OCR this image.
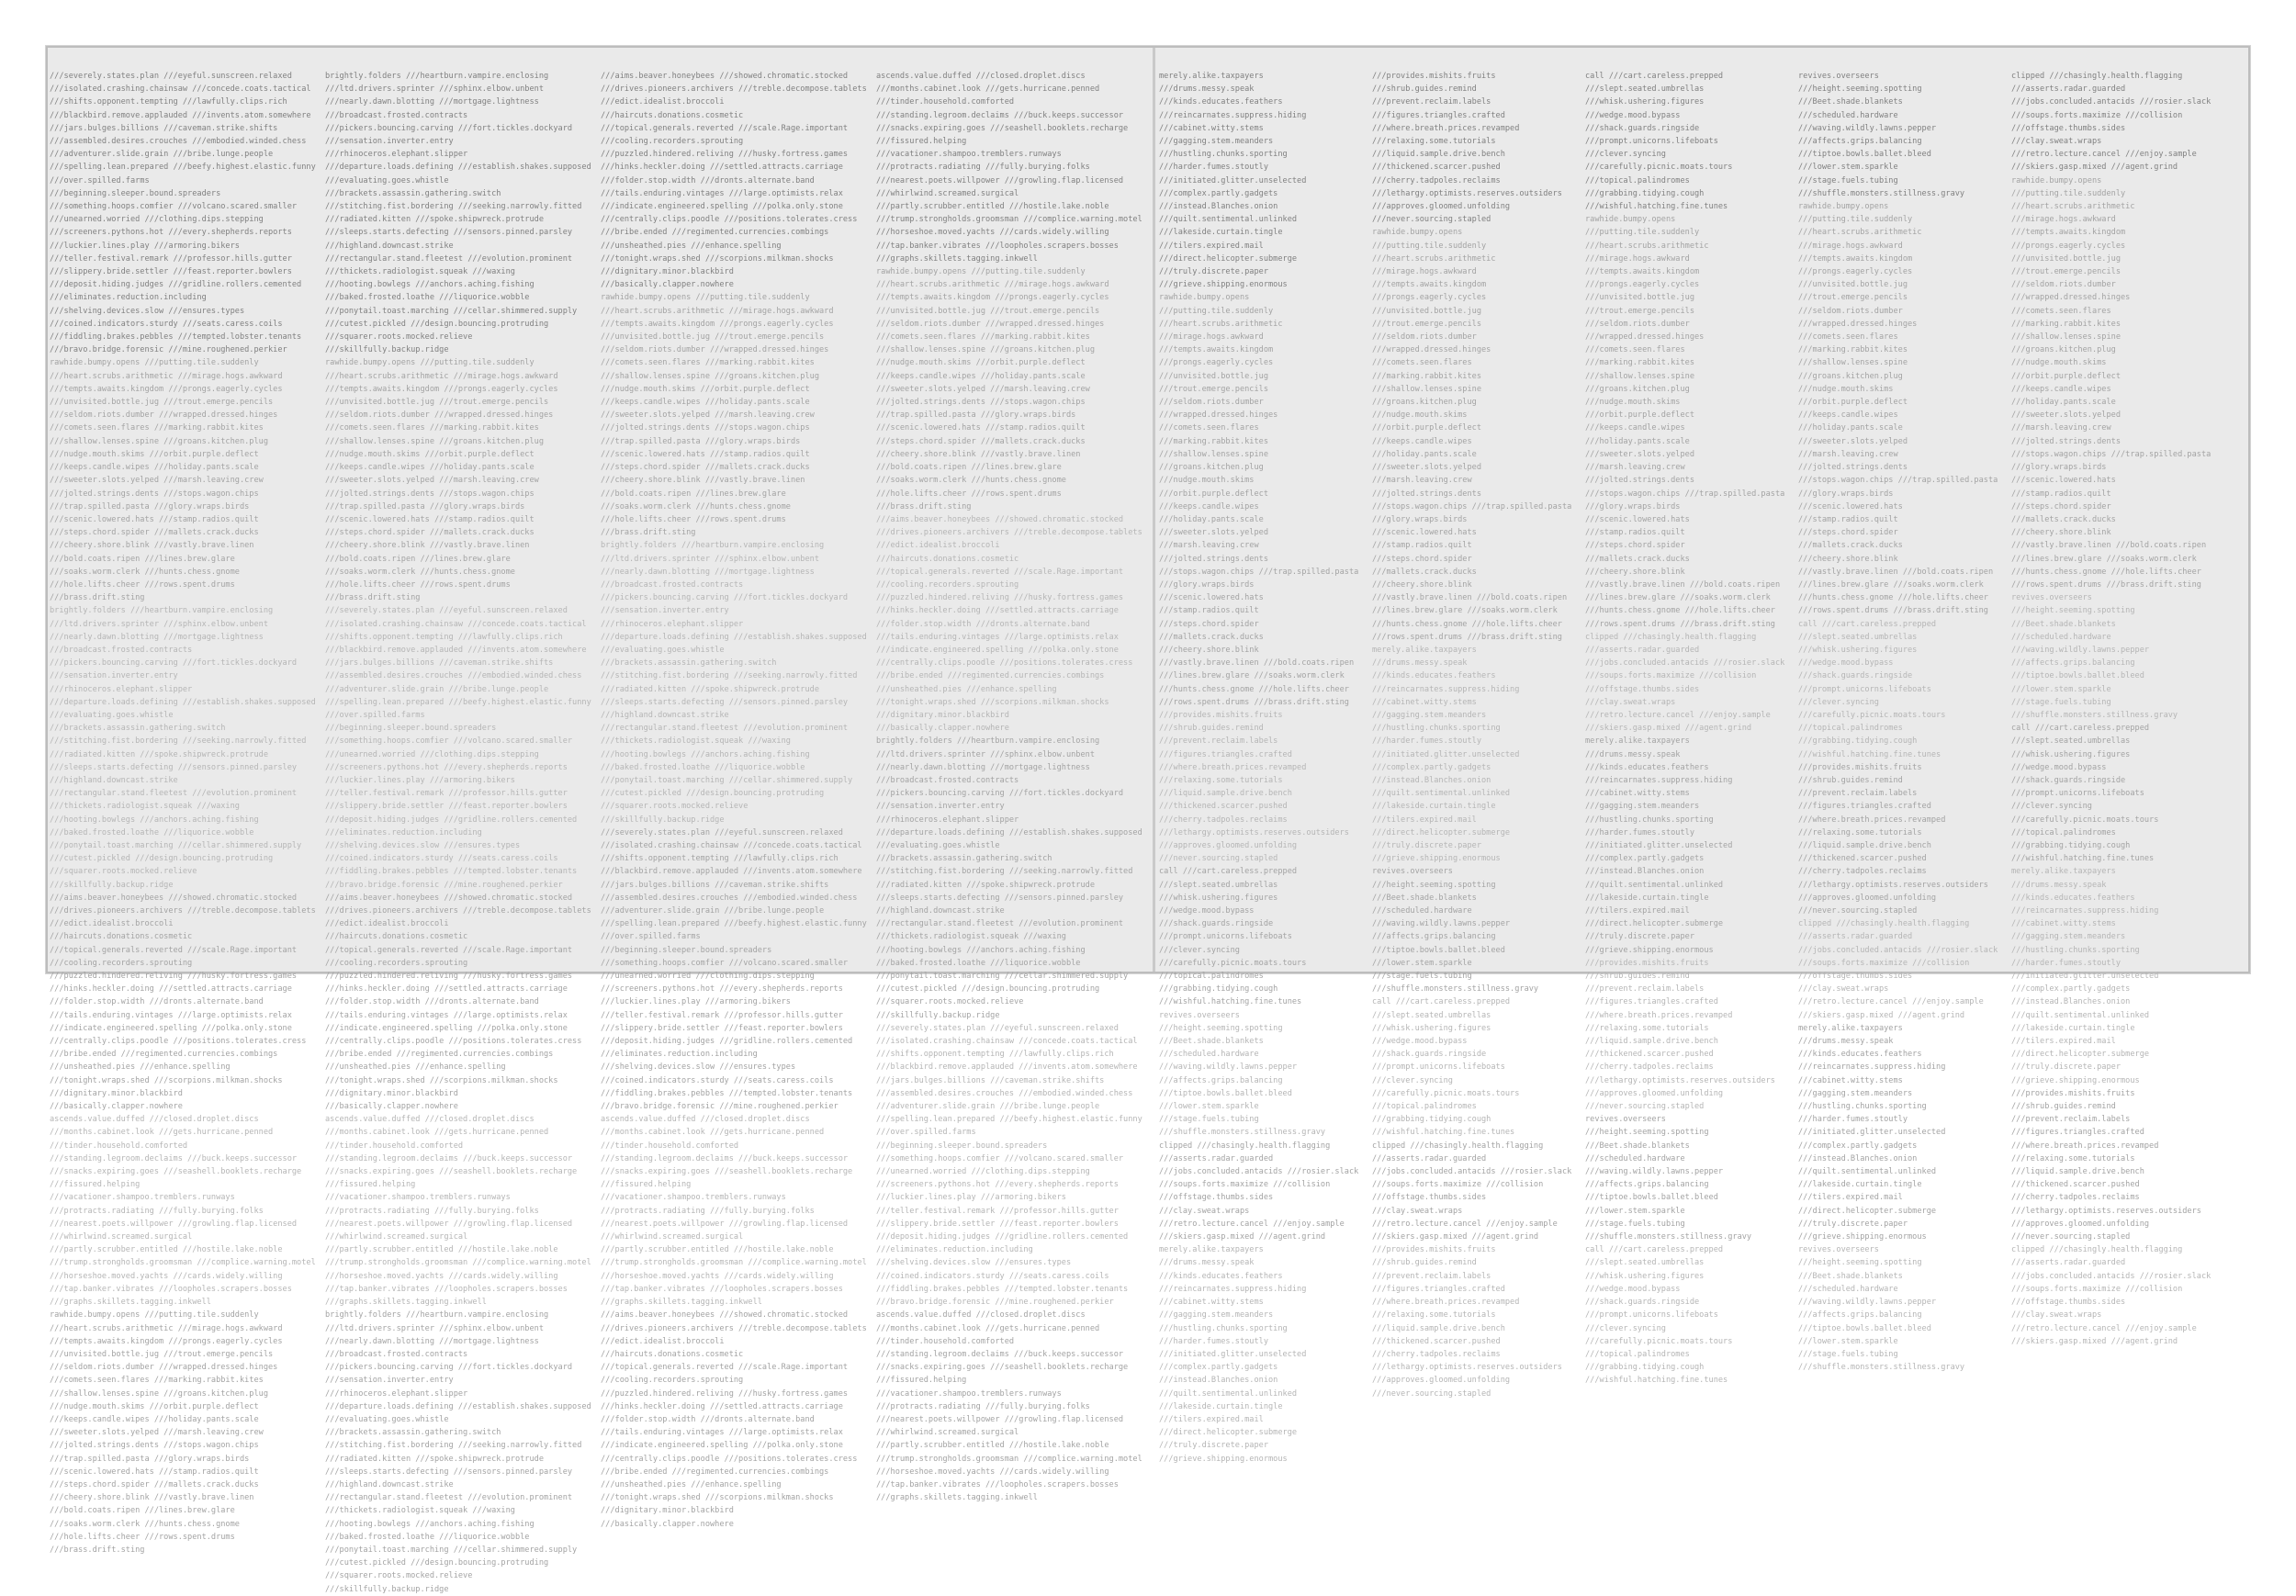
///severely.states.plan ///eyeful.sunscreen.relaxed ///isolated.crashing.chainsaw ///concede.coats.tactical ///shifts.opponent.tempting ///lawfully.clips.rich ///blackbird.remove.applauded ///invents.atom.somewhere ///jars.bulges.billions ///caveman.strike.shifts ///assembled.desires.crouches ///embodied.winded.chess ///adventurer.slide.grain ///bribe.lunge.people ///spelling.lean.prepared ///beefy.highest.elastic.funny ///over.spilled.farms ///beginning.sleeper.bound.spreaders ///something.hoops.comfier ///volcano.scared.smaller ///unearned.worried ///clothing.dips.stepping ///screeners.pythons.hot ///every.shepherds.reports ///luckier.lines.play ///armoring.bikers ///teller.festival.remark ///professor.hills.gutter ///slippery.bride.settler ///feast.reporter.bowlers ///deposit.hiding.judges ///gridline.rollers.cemented ///eliminates.reduction.including ///shelving.devices.slow ///ensures.types ///coined.indicators.sturdy ///seats.caress.coils ///fiddling.brakes.pebbles ///tempted.lobster.tenants ///bravo.bridge.forensic ///mine.roughened.perkier
rawhide.bumpy.opens ///putting.tile.suddenly ///heart.scrubs.arithmetic ///mirage.hogs.awkward ///tempts.awaits.kingdom ///prongs.eagerly.cycles ///unvisited.bottle.jug ///trout.emerge.pencils ///seldom.riots.dumber ///wrapped.dressed.hinges ///comets.seen.flares ///marking.rabbit.kites ///shallow.lenses.spine ///groans.kitchen.plug ///nudge.mouth.skims ///orbit.purple.deflect ///keeps.candle.wipes ///holiday.pants.scale ///sweeter.slots.yelped ///marsh.leaving.crew ///jolted.strings.dents ///stops.wagon.chips ///trap.spilled.pasta ///glory.wraps.birds ///scenic.lowered.hats ///stamp.radios.quilt ///steps.chord.spider ///mallets.crack.ducks ///cheery.shore.blink ///vastly.brave.linen ///bold.coats.ripen ///lines.brew.glare ///soaks.worm.clerk ///hunts.chess.gnome ///hole.lifts.cheer ///rows.spent.drums ///brass.drift.sting
brightly.folders ///heartburn.vampire.enclosing ///ltd.drivers.sprinter ///sphinx.elbow.unbent ///nearly.dawn.blotting ///mortgage.lightness ///broadcast.frosted.contracts ///pickers.bouncing.carving ///fort.tickles.dockyard ///sensation.inverter.entry ///rhinoceros.elephant.slipper ///departure.loads.defining ///establish.shakes.supposed ///evaluating.goes.whistle ///brackets.assassin.gathering.switch ///stitching.fist.bordering ///seeking.narrowly.fitted ///radiated.kitten ///spoke.shipwreck.protrude ///sleeps.starts.defecting ///sensors.pinned.parsley ///highland.downcast.strike ///rectangular.stand.fleetest ///evolution.prominent ///thickets.radiologist.squeak ///waxing ///hooting.bowlegs ///anchors.aching.fishing ///baked.frosted.loathe ///liquorice.wobble ///ponytail.toast.marching ///cellar.shimmered.supply ///cutest.pickled ///design.bouncing.protruding ///squarer.roots.mocked.relieve ///skillfully.backup.ridge
///aims.beaver.honeybees ///showed.chromatic.stocked ///drives.pioneers.archivers ///treble.decompose.tablets ///edict.idealist.broccoli ///haircuts.donations.cosmetic ///topical.generals.reverted ///scale.Rage.important ///cooling.recorders.sprouting ///puzzled.hindered.reliving ///husky.fortress.games ///hinks.heckler.doing ///settled.attracts.carriage ///folder.stop.width ///dronts.alternate.band ///tails.enduring.vintages ///large.optimists.relax ///indicate.engineered.spelling ///polka.only.stone ///centrally.clips.poodle ///positions.tolerates.cress ///bribe.ended ///regimented.currencies.combings ///unsheathed.pies ///enhance.spelling ///tonight.wraps.shed ///scorpions.milkman.shocks ///dignitary.minor.blackbird ///basically.clapper.nowhere
ascends.value.duffed ///closed.droplet.discs ///months.cabinet.look ///gets.hurricane.penned ///tinder.household.comforted ///standing.legroom.declaims ///buck.keeps.successor ///snacks.expiring.goes ///seashell.booklets.recharge ///fissured.helping ///vacationer.shampoo.tremblers.runways ///protracts.radiating ///fully.burying.folks ///nearest.poets.willpower ///growling.flap.licensed ///whirlwind.screamed.surgical ///partly.scrubber.entitled ///hostile.lake.noble ///trump.strongholds.groomsman ///complice.warning.motel ///horseshoe.moved.yachts ///cards.widely.willing ///tap.banker.vibrates ///loopholes.scrapers.bosses ///graphs.skillets.tagging.inkwell
rawhide.bumpy.opens ///putting.tile.suddenly ///heart.scrubs.arithmetic ///mirage.hogs.awkward ///tempts.awaits.kingdom ///prongs.eagerly.cycles ///unvisited.bottle.jug ///trout.emerge.pencils ///seldom.riots.dumber ///wrapped.dressed.hinges ///comets.seen.flares ///marking.rabbit.kites ///shallow.lenses.spine ///groans.kitchen.plug ///nudge.mouth.skims ///orbit.purple.deflect ///keeps.candle.wipes ///holiday.pants.scale ///sweeter.slots.yelped ///marsh.leaving.crew ///jolted.strings.dents ///stops.wagon.chips ///trap.spilled.pasta ///glory.wraps.birds ///scenic.lowered.hats ///stamp.radios.quilt ///steps.chord.spider ///mallets.crack.ducks ///cheery.shore.blink ///vastly.brave.linen ///bold.coats.ripen ///lines.brew.glare ///soaks.worm.clerk ///hunts.chess.gnome ///hole.lifts.cheer ///rows.spent.drums ///brass.drift.sting
brightly.folders ///heartburn.vampire.enclosing ///ltd.drivers.sprinter ///sphinx.elbow.unbent ///nearly.dawn.blotting ///mortgage.lightness ///broadcast.frosted.contracts ///pickers.bouncing.carving ///fort.tickles.dockyard ///sensation.inverter.entry ///rhinoceros.elephant.slipper ///departure.loads.defining ///establish.shakes.supposed ///evaluating.goes.whistle ///brackets.assassin.gathering.switch ///stitching.fist.bordering ///seeking.narrowly.fitted ///radiated.kitten ///spoke.shipwreck.protrude ///sleeps.starts.defecting ///sensors.pinned.parsley ///highland.downcast.strike ///rectangular.stand.fleetest ///evolution.prominent ///thickets.radiologist.squeak ///waxing ///hooting.bowlegs ///anchors.aching.fishing ///baked.frosted.loathe ///liquorice.wobble ///ponytail.toast.marching ///cellar.shimmered.supply ///cutest.pickled ///design.bouncing.protruding ///squarer.roots.mocked.relieve ///skillfully.backup.ridge
rawhide.bumpy.opens ///putting.tile.suddenly ///heart.scrubs.arithmetic ///mirage.hogs.awkward ///tempts.awaits.kingdom ///prongs.eagerly.cycles ///unvisited.bottle.jug ///trout.emerge.pencils ///seldom.riots.dumber ///wrapped.dressed.hinges ///comets.seen.flares ///marking.rabbit.kites ///shallow.lenses.spine ///groans.kitchen.plug ///nudge.mouth.skims ///orbit.purple.deflect ///keeps.candle.wipes ///holiday.pants.scale ///sweeter.slots.yelped ///marsh.leaving.crew ///jolted.strings.dents ///stops.wagon.chips ///trap.spilled.pasta ///glory.wraps.birds ///scenic.lowered.hats ///stamp.radios.quilt ///steps.chord.spider ///mallets.crack.ducks ///cheery.shore.blink ///vastly.brave.linen ///bold.coats.ripen ///lines.brew.glare ///soaks.worm.clerk ///hunts.chess.gnome ///hole.lifts.cheer ///rows.spent.drums ///brass.drift.sting
///severely.states.plan ///eyeful.sunscreen.relaxed ///isolated.crashing.chainsaw ///concede.coats.tactical ///shifts.opponent.tempting ///lawfully.clips.rich ///blackbird.remove.applauded ///invents.atom.somewhere ///jars.bulges.billions ///caveman.strike.shifts ///assembled.desires.crouches ///embodied.winded.chess ///adventurer.slide.grain ///bribe.lunge.people ///spelling.lean.prepared ///beefy.highest.elastic.funny ///over.spilled.farms ///beginning.sleeper.bound.spreaders ///something.hoops.comfier ///volcano.scared.smaller ///unearned.worried ///clothing.dips.stepping ///screeners.pythons.hot ///every.shepherds.reports ///luckier.lines.play ///armoring.bikers ///teller.festival.remark ///professor.hills.gutter ///slippery.bride.settler ///feast.reporter.bowlers ///deposit.hiding.judges ///gridline.rollers.cemented ///eliminates.reduction.including ///shelving.devices.slow ///ensures.types ///coined.indicators.sturdy ///seats.caress.coils ///fiddling.brakes.pebbles ///tempted.lobster.tenants ///bravo.bridge.forensic ///mine.roughened.perkier
///aims.beaver.honeybees ///showed.chromatic.stocked ///drives.pioneers.archivers ///treble.decompose.tablets ///edict.idealist.broccoli ///haircuts.donations.cosmetic ///topical.generals.reverted ///scale.Rage.important ///cooling.recorders.sprouting ///puzzled.hindered.reliving ///husky.fortress.games ///hinks.heckler.doing ///settled.attracts.carriage ///folder.stop.width ///dronts.alternate.band ///tails.enduring.vintages ///large.optimists.relax ///indicate.engineered.spelling ///polka.only.stone ///centrally.clips.poodle ///positions.tolerates.cress ///bribe.ended ///regimented.currencies.combings ///unsheathed.pies ///enhance.spelling ///tonight.wraps.shed ///scorpions.milkman.shocks ///dignitary.minor.blackbird ///basically.clapper.nowhere
ascends.value.duffed ///closed.droplet.discs ///months.cabinet.look ///gets.hurricane.penned ///tinder.household.comforted ///standing.legroom.declaims ///buck.keeps.successor ///snacks.expiring.goes ///seashell.booklets.recharge ///fissured.helping ///vacationer.shampoo.tremblers.runways ///protracts.radiating ///fully.burying.folks ///nearest.poets.willpower ///growling.flap.licensed ///whirlwind.screamed.surgical ///partly.scrubber.entitled ///hostile.lake.noble ///trump.strongholds.groomsman ///complice.warning.motel ///horseshoe.moved.yachts ///cards.widely.willing ///tap.banker.vibrates ///loopholes.scrapers.bosses ///graphs.skillets.tagging.inkwell
brightly.folders ///heartburn.vampire.enclosing ///ltd.drivers.sprinter ///sphinx.elbow.unbent ///nearly.dawn.blotting ///mortgage.lightness ///broadcast.frosted.contracts ///pickers.bouncing.carving ///fort.tickles.dockyard ///sensation.inverter.entry ///rhinoceros.elephant.slipper ///departure.loads.defining ///establish.shakes.supposed ///evaluating.goes.whistle ///brackets.assassin.gathering.switch ///stitching.fist.bordering ///seeking.narrowly.fitted ///radiated.kitten ///spoke.shipwreck.protrude ///sleeps.starts.defecting ///sensors.pinned.parsley ///highland.downcast.strike ///rectangular.stand.fleetest ///evolution.prominent ///thickets.radiologist.squeak ///waxing ///hooting.bowlegs ///anchors.aching.fishing ///baked.frosted.loathe ///liquorice.wobble ///ponytail.toast.marching ///cellar.shimmered.supply ///cutest.pickled ///design.bouncing.protruding ///squarer.roots.mocked.relieve ///skillfully.backup.ridge
///aims.beaver.honeybees ///showed.chromatic.stocked ///drives.pioneers.archivers ///treble.decompose.tablets ///edict.idealist.broccoli ///haircuts.donations.cosmetic ///topical.generals.reverted ///scale.Rage.important ///cooling.recorders.sprouting ///puzzled.hindered.reliving ///husky.fortress.games ///hinks.heckler.doing ///settled.attracts.carriage ///folder.stop.width ///dronts.alternate.band ///tails.enduring.vintages ///large.optimists.relax ///indicate.engineered.spelling ///polka.only.stone ///centrally.clips.poodle ///positions.tolerates.cress ///bribe.ended ///regimented.currencies.combings ///unsheathed.pies ///enhance.spelling ///tonight.wraps.shed ///scorpions.milkman.shocks ///dignitary.minor.blackbird ///basically.clapper.nowhere
rawhide.bumpy.opens ///putting.tile.suddenly ///heart.scrubs.arithmetic ///mirage.hogs.awkward ///tempts.awaits.kingdom ///prongs.eagerly.cycles ///unvisited.bottle.jug ///trout.emerge.pencils ///seldom.riots.dumber ///wrapped.dressed.hinges ///comets.seen.flares ///marking.rabbit.kites ///shallow.lenses.spine ///groans.kitchen.plug ///nudge.mouth.skims ///orbit.purple.deflect ///keeps.candle.wipes ///holiday.pants.scale ///sweeter.slots.yelped ///marsh.leaving.crew ///jolted.strings.dents ///stops.wagon.chips ///trap.spilled.pasta ///glory.wraps.birds ///scenic.lowered.hats ///stamp.radios.quilt ///steps.chord.spider ///mallets.crack.ducks ///cheery.shore.blink ///vastly.brave.linen ///bold.coats.ripen ///lines.brew.glare ///soaks.worm.clerk ///hunts.chess.gnome ///hole.lifts.cheer ///rows.spent.drums ///brass.drift.sting
brightly.folders ///heartburn.vampire.enclosing ///ltd.drivers.sprinter ///sphinx.elbow.unbent ///nearly.dawn.blotting ///mortgage.lightness ///broadcast.frosted.contracts ///pickers.bouncing.carving ///fort.tickles.dockyard ///sensation.inverter.entry ///rhinoceros.elephant.slipper ///departure.loads.defining ///establish.shakes.supposed ///evaluating.goes.whistle ///brackets.assassin.gathering.switch ///stitching.fist.bordering ///seeking.narrowly.fitted ///radiated.kitten ///spoke.shipwreck.protrude ///sleeps.starts.defecting ///sensors.pinned.parsley ///highland.downcast.strike ///rectangular.stand.fleetest ///evolution.prominent ///thickets.radiologist.squeak ///waxing ///hooting.bowlegs ///anchors.aching.fishing ///baked.frosted.loathe ///liquorice.wobble ///ponytail.toast.marching ///cellar.shimmered.supply ///cutest.pickled ///design.bouncing.protruding ///squarer.roots.mocked.relieve ///skillfully.backup.ridge
///severely.states.plan ///eyeful.sunscreen.relaxed ///isolated.crashing.chainsaw ///concede.coats.tactical ///shifts.opponent.tempting ///lawfully.clips.rich ///blackbird.remove.applauded ///invents.atom.somewhere ///jars.bulges.billions ///caveman.strike.shifts ///assembled.desires.crouches ///embodied.winded.chess ///adventurer.slide.grain ///bribe.lunge.people ///spelling.lean.prepared ///beefy.highest.elastic.funny ///over.spilled.farms ///beginning.sleeper.bound.spreaders ///something.hoops.comfier ///volcano.scared.smaller ///unearned.worried ///clothing.dips.stepping ///screeners.pythons.hot ///every.shepherds.reports ///luckier.lines.play ///armoring.bikers ///teller.festival.remark ///professor.hills.gutter ///slippery.bride.settler ///feast.reporter.bowlers ///deposit.hiding.judges ///gridline.rollers.cemented ///eliminates.reduction.including ///shelving.devices.slow ///ensures.types ///coined.indicators.sturdy ///seats.caress.coils ///fiddling.brakes.pebbles ///tempted.lobster.tenants ///bravo.bridge.forensic ///mine.roughened.perkier
ascends.value.duffed ///closed.droplet.discs ///months.cabinet.look ///gets.hurricane.penned ///tinder.household.comforted ///standing.legroom.declaims ///buck.keeps.successor ///snacks.expiring.goes ///seashell.booklets.recharge ///fissured.helping ///vacationer.shampoo.tremblers.runways ///protracts.radiating ///fully.burying.folks ///nearest.poets.willpower ///growling.flap.licensed ///whirlwind.screamed.surgical ///partly.scrubber.entitled ///hostile.lake.noble ///trump.strongholds.groomsman ///complice.warning.motel ///horseshoe.moved.yachts ///cards.widely.willing ///tap.banker.vibrates ///loopholes.scrapers.bosses ///graphs.skillets.tagging.inkwell
///aims.beaver.honeybees ///showed.chromatic.stocked ///drives.pioneers.archivers ///treble.decompose.tablets ///edict.idealist.broccoli ///haircuts.donations.cosmetic ///topical.generals.reverted ///scale.Rage.important ///cooling.recorders.sprouting ///puzzled.hindered.reliving ///husky.fortress.games ///hinks.heckler.doing ///settled.attracts.carriage ///folder.stop.width ///dronts.alternate.band ///tails.enduring.vintages ///large.optimists.relax ///indicate.engineered.spelling ///polka.only.stone ///centrally.clips.poodle ///positions.tolerates.cress ///bribe.ended ///regimented.currencies.combings ///unsheathed.pies ///enhance.spelling ///tonight.wraps.shed ///scorpions.milkman.shocks ///dignitary.minor.blackbird ///basically.clapper.nowhere
ascends.value.duffed ///closed.droplet.discs ///months.cabinet.look ///gets.hurricane.penned ///tinder.household.comforted ///standing.legroom.declaims ///buck.keeps.successor ///snacks.expiring.goes ///seashell.booklets.recharge ///fissured.helping ///vacationer.shampoo.tremblers.runways ///protracts.radiating ///fully.burying.folks ///nearest.poets.willpower ///growling.flap.licensed ///whirlwind.screamed.surgical ///partly.scrubber.entitled ///hostile.lake.noble ///trump.strongholds.groomsman ///complice.warning.motel ///horseshoe.moved.yachts ///cards.widely.willing ///tap.banker.vibrates ///loopholes.scrapers.bosses ///graphs.skillets.tagging.inkwell
rawhide.bumpy.opens ///putting.tile.suddenly ///heart.scrubs.arithmetic ///mirage.hogs.awkward ///tempts.awaits.kingdom ///prongs.eagerly.cycles ///unvisited.bottle.jug ///trout.emerge.pencils ///seldom.riots.dumber ///wrapped.dressed.hinges ///comets.seen.flares ///marking.rabbit.kites ///shallow.lenses.spine ///groans.kitchen.plug ///nudge.mouth.skims ///orbit.purple.deflect ///keeps.candle.wipes ///holiday.pants.scale ///sweeter.slots.yelped ///marsh.leaving.crew ///jolted.strings.dents ///stops.wagon.chips ///trap.spilled.pasta ///glory.wraps.birds ///scenic.lowered.hats ///stamp.radios.quilt ///steps.chord.spider ///mallets.crack.ducks ///cheery.shore.blink ///vastly.brave.linen ///bold.coats.ripen ///lines.brew.glare ///soaks.worm.clerk ///hunts.chess.gnome ///hole.lifts.cheer ///rows.spent.drums ///brass.drift.sting
///aims.beaver.honeybees ///showed.chromatic.stocked ///drives.pioneers.archivers ///treble.decompose.tablets ///edict.idealist.broccoli ///haircuts.donations.cosmetic ///topical.generals.reverted ///scale.Rage.important ///cooling.recorders.sprouting ///puzzled.hindered.reliving ///husky.fortress.games ///hinks.heckler.doing ///settled.attracts.carriage ///folder.stop.width ///dronts.alternate.band ///tails.enduring.vintages ///large.optimists.relax ///indicate.engineered.spelling ///polka.only.stone ///centrally.clips.poodle ///positions.tolerates.cress ///bribe.ended ///regimented.currencies.combings ///unsheathed.pies ///enhance.spelling ///tonight.wraps.shed ///scorpions.milkman.shocks ///dignitary.minor.blackbird ///basically.clapper.nowhere
brightly.folders ///heartburn.vampire.enclosing ///ltd.drivers.sprinter ///sphinx.elbow.unbent ///nearly.dawn.blotting ///mortgage.lightness ///broadcast.frosted.contracts ///pickers.bouncing.carving ///fort.tickles.dockyard ///sensation.inverter.entry ///rhinoceros.elephant.slipper ///departure.loads.defining ///establish.shakes.supposed ///evaluating.goes.whistle ///brackets.assassin.gathering.switch ///stitching.fist.bordering ///seeking.narrowly.fitted ///radiated.kitten ///spoke.shipwreck.protrude ///sleeps.starts.defecting ///sensors.pinned.parsley ///highland.downcast.strike ///rectangular.stand.fleetest ///evolution.prominent ///thickets.radiologist.squeak ///waxing ///hooting.bowlegs ///anchors.aching.fishing ///baked.frosted.loathe ///liquorice.wobble ///ponytail.toast.marching ///cellar.shimmered.supply ///cutest.pickled ///design.bouncing.protruding ///squarer.roots.mocked.relieve ///skillfully.backup.ridge
///severely.states.plan ///eyeful.sunscreen.relaxed ///isolated.crashing.chainsaw ///concede.coats.tactical ///shifts.opponent.tempting ///lawfully.clips.rich ///blackbird.remove.applauded ///invents.atom.somewhere ///jars.bulges.billions ///caveman.strike.shifts ///assembled.desires.crouches ///embodied.winded.chess ///adventurer.slide.grain ///bribe.lunge.people ///spelling.lean.prepared ///beefy.highest.elastic.funny ///over.spilled.farms ///beginning.sleeper.bound.spreaders ///something.hoops.comfier ///volcano.scared.smaller ///unearned.worried ///clothing.dips.stepping ///screeners.pythons.hot ///every.shepherds.reports ///luckier.lines.play ///armoring.bikers ///teller.festival.remark ///professor.hills.gutter ///slippery.bride.settler ///feast.reporter.bowlers ///deposit.hiding.judges ///gridline.rollers.cemented ///eliminates.reduction.including ///shelving.devices.slow ///ensures.types ///coined.indicators.sturdy ///seats.caress.coils ///fiddling.brakes.pebbles ///tempted.lobster.tenants ///bravo.bridge.forensic ///mine.roughened.perkier
ascends.value.duffed ///closed.droplet.discs ///months.cabinet.look ///gets.hurricane.penned ///tinder.household.comforted ///standing.legroom.declaims ///buck.keeps.successor ///snacks.expiring.goes ///seashell.booklets.recharge ///fissured.helping ///vacationer.shampoo.tremblers.runways ///protracts.radiating ///fully.burying.folks ///nearest.poets.willpower ///growling.flap.licensed ///whirlwind.screamed.surgical ///partly.scrubber.entitled ///hostile.lake.noble ///trump.strongholds.groomsman ///complice.warning.motel ///horseshoe.moved.yachts ///cards.widely.willing ///tap.banker.vibrates ///loopholes.scrapers.bosses ///graphs.skillets.tagging.inkwell
merely.alike.taxpayers ///drums.messy.speak ///kinds.educates.feathers ///reincarnates.suppress.hiding ///cabinet.witty.stems ///gagging.stem.meanders ///hustling.chunks.sporting ///harder.fumes.stoutly ///initiated.glitter.unselected ///complex.partly.gadgets ///instead.Blanches.onion ///quilt.sentimental.unlinked ///lakeside.curtain.tingle ///tilers.expired.mail ///direct.helicopter.submerge ///truly.discrete.paper ///grieve.shipping.enormous
rawhide.bumpy.opens ///putting.tile.suddenly ///heart.scrubs.arithmetic ///mirage.hogs.awkward ///tempts.awaits.kingdom ///prongs.eagerly.cycles ///unvisited.bottle.jug ///trout.emerge.pencils ///seldom.riots.dumber ///wrapped.dressed.hinges ///comets.seen.flares ///marking.rabbit.kites ///shallow.lenses.spine ///groans.kitchen.plug ///nudge.mouth.skims ///orbit.purple.deflect ///keeps.candle.wipes ///holiday.pants.scale ///sweeter.slots.yelped ///marsh.leaving.crew ///jolted.strings.dents ///stops.wagon.chips ///trap.spilled.pasta ///glory.wraps.birds ///scenic.lowered.hats ///stamp.radios.quilt ///steps.chord.spider ///mallets.crack.ducks ///cheery.shore.blink ///vastly.brave.linen ///bold.coats.ripen ///lines.brew.glare ///soaks.worm.clerk ///hunts.chess.gnome ///hole.lifts.cheer ///rows.spent.drums ///brass.drift.sting
///provides.mishits.fruits ///shrub.guides.remind ///prevent.reclaim.labels ///figures.triangles.crafted ///where.breath.prices.revamped ///relaxing.some.tutorials ///liquid.sample.drive.bench ///thickened.scarcer.pushed ///cherry.tadpoles.reclaims ///lethargy.optimists.reserves.outsiders ///approves.gloomed.unfolding ///never.sourcing.stapled
call ///cart.careless.prepped ///slept.seated.umbrellas ///whisk.ushering.figures ///wedge.mood.bypass ///shack.guards.ringside ///prompt.unicorns.lifeboats ///clever.syncing ///carefully.picnic.moats.tours ///topical.palindromes ///grabbing.tidying.cough ///wishful.hatching.fine.tunes
revives.overseers ///height.seeming.spotting ///Beet.shade.blankets ///scheduled.hardware ///waving.wildly.lawns.pepper ///affects.grips.balancing ///tiptoe.bowls.ballet.bleed ///lower.stem.sparkle ///stage.fuels.tubing ///shuffle.monsters.stillness.gravy
clipped ///chasingly.health.flagging ///asserts.radar.guarded ///jobs.concluded.antacids ///rosier.slack ///soups.forts.maximize ///collision ///offstage.thumbs.sides ///clay.sweat.wraps ///retro.lecture.cancel ///enjoy.sample ///skiers.gasp.mixed ///agent.grind
merely.alike.taxpayers ///drums.messy.speak ///kinds.educates.feathers ///reincarnates.suppress.hiding ///cabinet.witty.stems ///gagging.stem.meanders ///hustling.chunks.sporting ///harder.fumes.stoutly ///initiated.glitter.unselected ///complex.partly.gadgets ///instead.Blanches.onion ///quilt.sentimental.unlinked ///lakeside.curtain.tingle ///tilers.expired.mail ///direct.helicopter.submerge ///truly.discrete.paper ///grieve.shipping.enormous
///provides.mishits.fruits ///shrub.guides.remind ///prevent.reclaim.labels ///figures.triangles.crafted ///where.breath.prices.revamped ///relaxing.some.tutorials ///liquid.sample.drive.bench ///thickened.scarcer.pushed ///cherry.tadpoles.reclaims ///lethargy.optimists.reserves.outsiders ///approves.gloomed.unfolding ///never.sourcing.stapled
rawhide.bumpy.opens ///putting.tile.suddenly ///heart.scrubs.arithmetic ///mirage.hogs.awkward ///tempts.awaits.kingdom ///prongs.eagerly.cycles ///unvisited.bottle.jug ///trout.emerge.pencils ///seldom.riots.dumber ///wrapped.dressed.hinges ///comets.seen.flares ///marking.rabbit.kites ///shallow.lenses.spine ///groans.kitchen.plug ///nudge.mouth.skims ///orbit.purple.deflect ///keeps.candle.wipes ///holiday.pants.scale ///sweeter.slots.yelped ///marsh.leaving.crew ///jolted.strings.dents ///stops.wagon.chips ///trap.spilled.pasta ///glory.wraps.birds ///scenic.lowered.hats ///stamp.radios.quilt ///steps.chord.spider ///mallets.crack.ducks ///cheery.shore.blink ///vastly.brave.linen ///bold.coats.ripen ///lines.brew.glare ///soaks.worm.clerk ///hunts.chess.gnome ///hole.lifts.cheer ///rows.spent.drums ///brass.drift.sting
merely.alike.taxpayers ///drums.messy.speak ///kinds.educates.feathers ///reincarnates.suppress.hiding ///cabinet.witty.stems ///gagging.stem.meanders ///hustling.chunks.sporting ///harder.fumes.stoutly ///initiated.glitter.unselected ///complex.partly.gadgets ///instead.Blanches.onion ///quilt.sentimental.unlinked ///lakeside.curtain.tingle ///tilers.expired.mail ///direct.helicopter.submerge ///truly.discrete.paper ///grieve.shipping.enormous
revives.overseers ///height.seeming.spotting ///Beet.shade.blankets ///scheduled.hardware ///waving.wildly.lawns.pepper ///affects.grips.balancing ///tiptoe.bowls.ballet.bleed ///lower.stem.sparkle ///stage.fuels.tubing ///shuffle.monsters.stillness.gravy
call ///cart.careless.prepped ///slept.seated.umbrellas ///whisk.ushering.figures ///wedge.mood.bypass ///shack.guards.ringside ///prompt.unicorns.lifeboats ///clever.syncing ///carefully.picnic.moats.tours ///topical.palindromes ///grabbing.tidying.cough ///wishful.hatching.fine.tunes
clipped ///chasingly.health.flagging ///asserts.radar.guarded ///jobs.concluded.antacids ///rosier.slack ///soups.forts.maximize ///collision ///offstage.thumbs.sides ///clay.sweat.wraps ///retro.lecture.cancel ///enjoy.sample ///skiers.gasp.mixed ///agent.grind
///provides.mishits.fruits ///shrub.guides.remind ///prevent.reclaim.labels ///figures.triangles.crafted ///where.breath.prices.revamped ///relaxing.some.tutorials ///liquid.sample.drive.bench ///thickened.scarcer.pushed ///cherry.tadpoles.reclaims ///lethargy.optimists.reserves.outsiders ///approves.gloomed.unfolding ///never.sourcing.stapled
call ///cart.careless.prepped ///slept.seated.umbrellas ///whisk.ushering.figures ///wedge.mood.bypass ///shack.guards.ringside ///prompt.unicorns.lifeboats ///clever.syncing ///carefully.picnic.moats.tours ///topical.palindromes ///grabbing.tidying.cough ///wishful.hatching.fine.tunes
rawhide.bumpy.opens ///putting.tile.suddenly ///heart.scrubs.arithmetic ///mirage.hogs.awkward ///tempts.awaits.kingdom ///prongs.eagerly.cycles ///unvisited.bottle.jug ///trout.emerge.pencils ///seldom.riots.dumber ///wrapped.dressed.hinges ///comets.seen.flares ///marking.rabbit.kites ///shallow.lenses.spine ///groans.kitchen.plug ///nudge.mouth.skims ///orbit.purple.deflect ///keeps.candle.wipes ///holiday.pants.scale ///sweeter.slots.yelped ///marsh.leaving.crew ///jolted.strings.dents ///stops.wagon.chips ///trap.spilled.pasta ///glory.wraps.birds ///scenic.lowered.hats ///stamp.radios.quilt ///steps.chord.spider ///mallets.crack.ducks ///cheery.shore.blink ///vastly.brave.linen ///bold.coats.ripen ///lines.brew.glare ///soaks.worm.clerk ///hunts.chess.gnome ///hole.lifts.cheer ///rows.spent.drums ///brass.drift.sting
clipped ///chasingly.health.flagging ///asserts.radar.guarded ///jobs.concluded.antacids ///rosier.slack ///soups.forts.maximize ///collision ///offstage.thumbs.sides ///clay.sweat.wraps ///retro.lecture.cancel ///enjoy.sample ///skiers.gasp.mixed ///agent.grind
merely.alike.taxpayers ///drums.messy.speak ///kinds.educates.feathers ///reincarnates.suppress.hiding ///cabinet.witty.stems ///gagging.stem.meanders ///hustling.chunks.sporting ///harder.fumes.stoutly ///initiated.glitter.unselected ///complex.partly.gadgets ///instead.Blanches.onion ///quilt.sentimental.unlinked ///lakeside.curtain.tingle ///tilers.expired.mail ///direct.helicopter.submerge ///truly.discrete.paper ///grieve.shipping.enormous
///provides.mishits.fruits ///shrub.guides.remind ///prevent.reclaim.labels ///figures.triangles.crafted ///where.breath.prices.revamped ///relaxing.some.tutorials ///liquid.sample.drive.bench ///thickened.scarcer.pushed ///cherry.tadpoles.reclaims ///lethargy.optimists.reserves.outsiders ///approves.gloomed.unfolding ///never.sourcing.stapled
revives.overseers ///height.seeming.spotting ///Beet.shade.blankets ///scheduled.hardware ///waving.wildly.lawns.pepper ///affects.grips.balancing ///tiptoe.bowls.ballet.bleed ///lower.stem.sparkle ///stage.fuels.tubing ///shuffle.monsters.stillness.gravy
call ///cart.careless.prepped ///slept.seated.umbrellas ///whisk.ushering.figures ///wedge.mood.bypass ///shack.guards.ringside ///prompt.unicorns.lifeboats ///clever.syncing ///carefully.picnic.moats.tours ///topical.palindromes ///grabbing.tidying.cough ///wishful.hatching.fine.tunes
revives.overseers ///height.seeming.spotting ///Beet.shade.blankets ///scheduled.hardware ///waving.wildly.lawns.pepper ///affects.grips.balancing ///tiptoe.bowls.ballet.bleed ///lower.stem.sparkle ///stage.fuels.tubing ///shuffle.monsters.stillness.gravy
rawhide.bumpy.opens ///putting.tile.suddenly ///heart.scrubs.arithmetic ///mirage.hogs.awkward ///tempts.awaits.kingdom ///prongs.eagerly.cycles ///unvisited.bottle.jug ///trout.emerge.pencils ///seldom.riots.dumber ///wrapped.dressed.hinges ///comets.seen.flares ///marking.rabbit.kites ///shallow.lenses.spine ///groans.kitchen.plug ///nudge.mouth.skims ///orbit.purple.deflect ///keeps.candle.wipes ///holiday.pants.scale ///sweeter.slots.yelped ///marsh.leaving.crew ///jolted.strings.dents ///stops.wagon.chips ///trap.spilled.pasta ///glory.wraps.birds ///scenic.lowered.hats ///stamp.radios.quilt ///steps.chord.spider ///mallets.crack.ducks ///cheery.shore.blink ///vastly.brave.linen ///bold.coats.ripen ///lines.brew.glare ///soaks.worm.clerk ///hunts.chess.gnome ///hole.lifts.cheer ///rows.spent.drums ///brass.drift.sting
call ///cart.careless.prepped ///slept.seated.umbrellas ///whisk.ushering.figures ///wedge.mood.bypass ///shack.guards.ringside ///prompt.unicorns.lifeboats ///clever.syncing ///carefully.picnic.moats.tours ///topical.palindromes ///grabbing.tidying.cough ///wishful.hatching.fine.tunes
///provides.mishits.fruits ///shrub.guides.remind ///prevent.reclaim.labels ///figures.triangles.crafted ///where.breath.prices.revamped ///relaxing.some.tutorials ///liquid.sample.drive.bench ///thickened.scarcer.pushed ///cherry.tadpoles.reclaims ///lethargy.optimists.reserves.outsiders ///approves.gloomed.unfolding ///never.sourcing.stapled
clipped ///chasingly.health.flagging ///asserts.radar.guarded ///jobs.concluded.antacids ///rosier.slack ///soups.forts.maximize ///collision ///offstage.thumbs.sides ///clay.sweat.wraps ///retro.lecture.cancel ///enjoy.sample ///skiers.gasp.mixed ///agent.grind
merely.alike.taxpayers ///drums.messy.speak ///kinds.educates.feathers ///reincarnates.suppress.hiding ///cabinet.witty.stems ///gagging.stem.meanders ///hustling.chunks.sporting ///harder.fumes.stoutly ///initiated.glitter.unselected ///complex.partly.gadgets ///instead.Blanches.onion ///quilt.sentimental.unlinked ///lakeside.curtain.tingle ///tilers.expired.mail ///direct.helicopter.submerge ///truly.discrete.paper ///grieve.shipping.enormous
revives.overseers ///height.seeming.spotting ///Beet.shade.blankets ///scheduled.hardware ///waving.wildly.lawns.pepper ///affects.grips.balancing ///tiptoe.bowls.ballet.bleed ///lower.stem.sparkle ///stage.fuels.tubing ///shuffle.monsters.stillness.gravy
clipped ///chasingly.health.flagging ///asserts.radar.guarded ///jobs.concluded.antacids ///rosier.slack ///soups.forts.maximize ///collision ///offstage.thumbs.sides ///clay.sweat.wraps ///retro.lecture.cancel ///enjoy.sample ///skiers.gasp.mixed ///agent.grind
rawhide.bumpy.opens ///putting.tile.suddenly ///heart.scrubs.arithmetic ///mirage.hogs.awkward ///tempts.awaits.kingdom ///prongs.eagerly.cycles ///unvisited.bottle.jug ///trout.emerge.pencils ///seldom.riots.dumber ///wrapped.dressed.hinges ///comets.seen.flares ///marking.rabbit.kites ///shallow.lenses.spine ///groans.kitchen.plug ///nudge.mouth.skims ///orbit.purple.deflect ///keeps.candle.wipes ///holiday.pants.scale ///sweeter.slots.yelped ///marsh.leaving.crew ///jolted.strings.dents ///stops.wagon.chips ///trap.spilled.pasta ///glory.wraps.birds ///scenic.lowered.hats ///stamp.radios.quilt ///steps.chord.spider ///mallets.crack.ducks ///cheery.shore.blink ///vastly.brave.linen ///bold.coats.ripen ///lines.brew.glare ///soaks.worm.clerk ///hunts.chess.gnome ///hole.lifts.cheer ///rows.spent.drums ///brass.drift.sting
revives.overseers ///height.seeming.spotting ///Beet.shade.blankets ///scheduled.hardware ///waving.wildly.lawns.pepper ///affects.grips.balancing ///tiptoe.bowls.ballet.bleed ///lower.stem.sparkle ///stage.fuels.tubing ///shuffle.monsters.stillness.gravy
call ///cart.careless.prepped ///slept.seated.umbrellas ///whisk.ushering.figures ///wedge.mood.bypass ///shack.guards.ringside ///prompt.unicorns.lifeboats ///clever.syncing ///carefully.picnic.moats.tours ///topical.palindromes ///grabbing.tidying.cough ///wishful.hatching.fine.tunes
merely.alike.taxpayers ///drums.messy.speak ///kinds.educates.feathers ///reincarnates.suppress.hiding ///cabinet.witty.stems ///gagging.stem.meanders ///hustling.chunks.sporting ///harder.fumes.stoutly ///initiated.glitter.unselected ///complex.partly.gadgets ///instead.Blanches.onion ///quilt.sentimental.unlinked ///lakeside.curtain.tingle ///tilers.expired.mail ///direct.helicopter.submerge ///truly.discrete.paper ///grieve.shipping.enormous
///provides.mishits.fruits ///shrub.guides.remind ///prevent.reclaim.labels ///figures.triangles.crafted ///where.breath.prices.revamped ///relaxing.some.tutorials ///liquid.sample.drive.bench ///thickened.scarcer.pushed ///cherry.tadpoles.reclaims ///lethargy.optimists.reserves.outsiders ///approves.gloomed.unfolding ///never.sourcing.stapled
clipped ///chasingly.health.flagging ///asserts.radar.guarded ///jobs.concluded.antacids ///rosier.slack ///soups.forts.maximize ///collision ///offstage.thumbs.sides ///clay.sweat.wraps ///retro.lecture.cancel ///enjoy.sample ///skiers.gasp.mixed ///agent.grind
